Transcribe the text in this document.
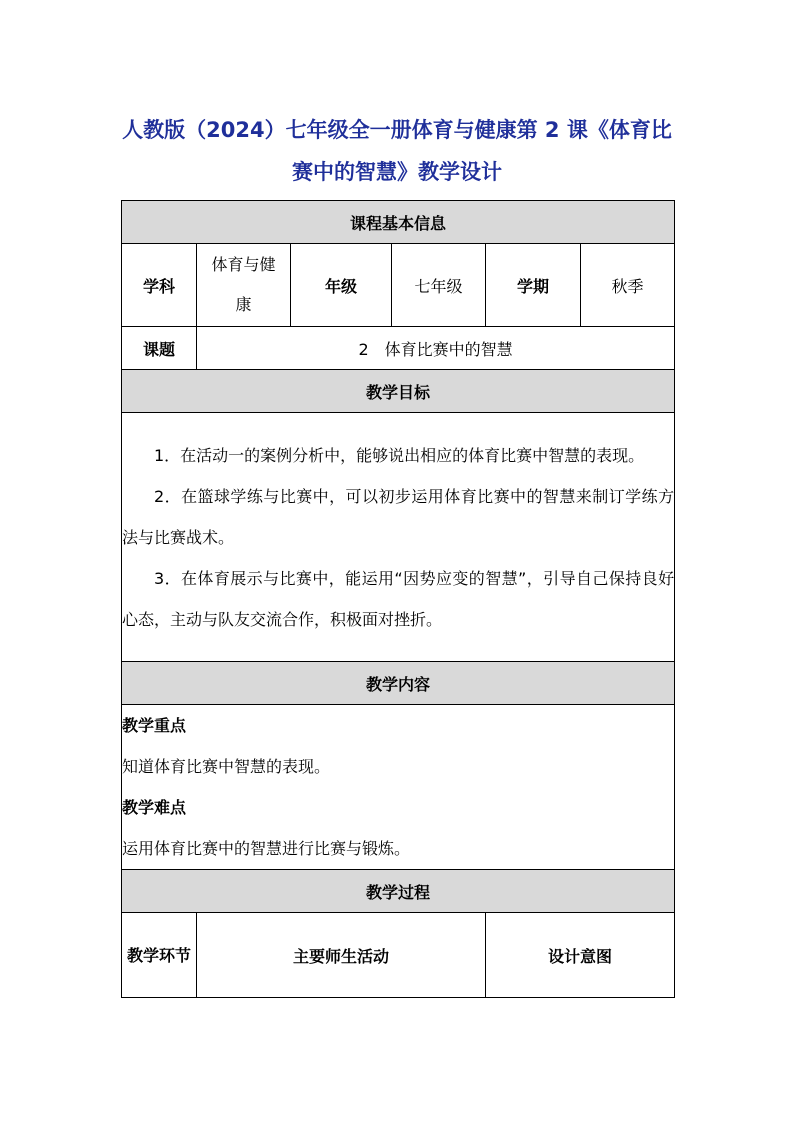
人教版（2024）七年级全一册体育与健康第 2 课《体育比
赛中的智慧》教学设计
课程基本信息					
学科	体育与健康	年级	七年级	学期	秋季
课题	2　体育比赛中的智慧				
教学目标					

1．在活动一的案例分析中，能够说出相应的体育比赛中智慧的表现。

2．在篮球学练与比赛中，可以初步运用体育比赛中的智慧来制订学练方法与比赛战术。

3．在体育展示与比赛中，能运用“因势应变的智慧”，引导自己保持良好心态，主动与队友交流合作，积极面对挫折。					

教学内容					

教学重点

知道体育比赛中智慧的表现。

教学难点

运用体育比赛中的智慧进行比赛与锻炼。					

教学过程					
教学环节	主要师生活动			设计意图	
